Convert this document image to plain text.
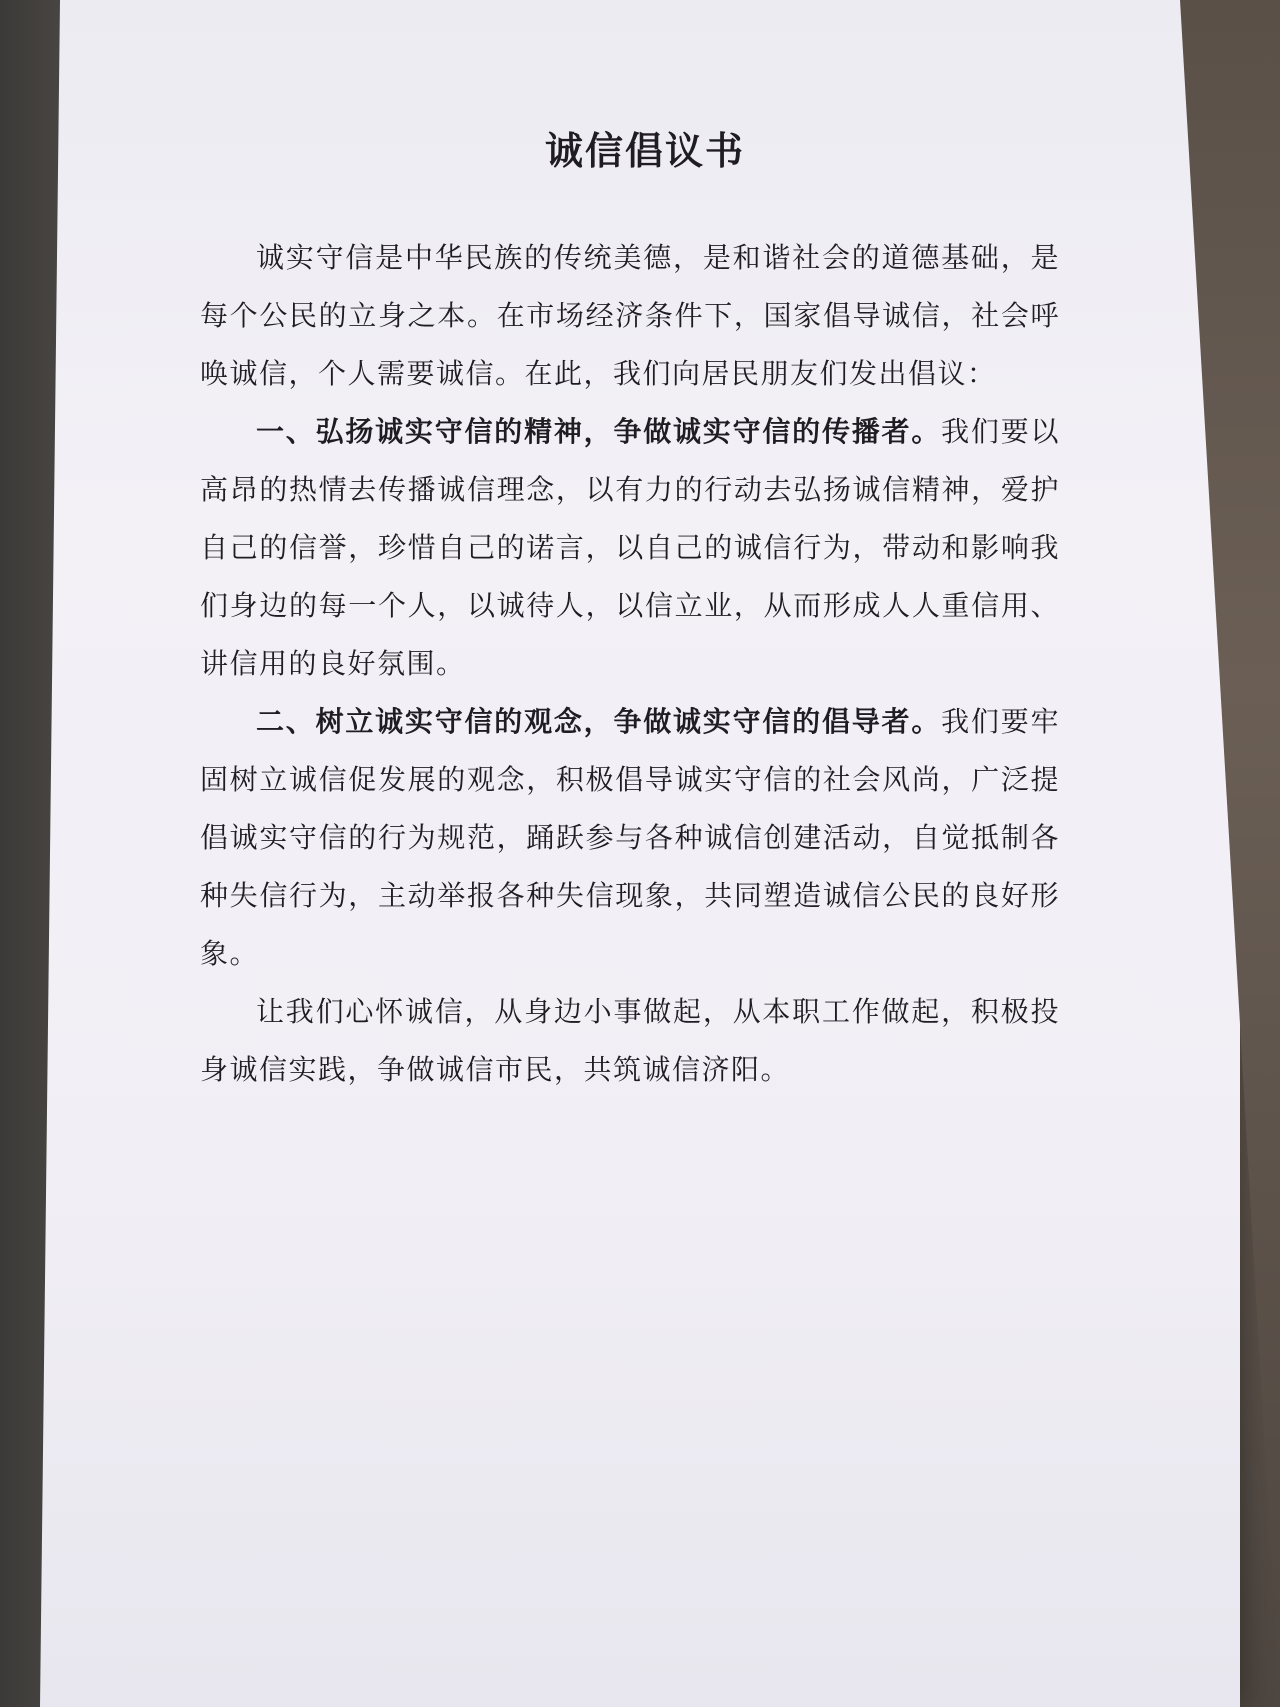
诚信倡议书

诚实守信是中华民族的传统美德，是和谐社会的道德基础，是每个公民的立身之本。在市场经济条件下，国家倡导诚信，社会呼唤诚信，个人需要诚信。在此，我们向居民朋友们发出倡议：

一、弘扬诚实守信的精神，争做诚实守信的传播者。我们要以高昂的热情去传播诚信理念，以有力的行动去弘扬诚信精神，爱护自己的信誉，珍惜自己的诺言，以自己的诚信行为，带动和影响我们身边的每一个人，以诚待人，以信立业，从而形成人人重信用、讲信用的良好氛围。

二、树立诚实守信的观念，争做诚实守信的倡导者。我们要牢固树立诚信促发展的观念，积极倡导诚实守信的社会风尚，广泛提倡诚实守信的行为规范，踊跃参与各种诚信创建活动，自觉抵制各种失信行为，主动举报各种失信现象，共同塑造诚信公民的良好形象。

让我们心怀诚信，从身边小事做起，从本职工作做起，积极投身诚信实践，争做诚信市民，共筑诚信济阳。
